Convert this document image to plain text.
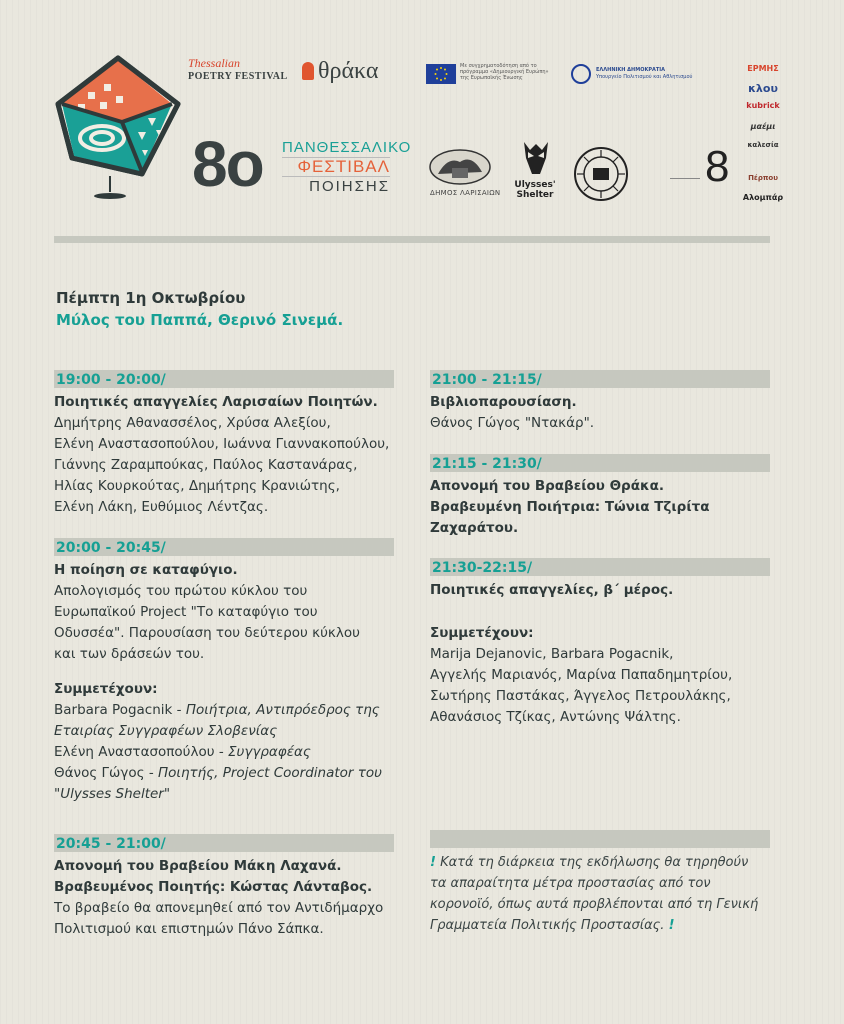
8o ΠΑΝΘΕΣΣΑΛΙΚΟ
ΦΕΣΤΙΒΑΛ
ΠΟΙΗΣΗΣ
Thessalian
POETRY FESTIVAL	θράκα	Με συγχρηματοδότηση από το πρόγραμμα «Δημιουργική Ευρώπη» της Ευρωπαϊκής Ένωσης
ΕΛΛΗΝΙΚΗ ΔΗΜΟΚΡΑΤΙΑ
Υπουργείο Πολιτισμού και Αθλητισμού
ΔΗΜΟΣ ΛΑΡΙΣΑΙΩΝ
Ulysses' Shelter
8
ΕΡΜΗΣ
κλου
kubrick
μαέμι
καλεσία
Πέρπου
Αλομπάρ
Πέμπτη 1η Οκτωβρίου
Μύλος του Παππά, Θερινό Σινεμά.
19:00 - 20:00/
Ποιητικές απαγγελίες Λαρισαίων Ποιητών.
Δημήτρης Αθανασσέλος, Χρύσα Αλεξίου,
Ελένη Αναστασοπούλου, Ιωάννα Γιαννακοπούλου,
Γιάννης Ζαραμπούκας, Παύλος Καστανάρας,
Ηλίας Κουρκούτας, Δημήτρης Κρανιώτης,
Ελένη Λάκη, Ευθύμιος Λέντζας.
20:00 - 20:45/
Η ποίηση σε καταφύγιο.
Απολογισμός του πρώτου κύκλου του
Ευρωπαϊκού Project "Το καταφύγιο του
Οδυσσέα". Παρουσίαση του δεύτερου κύκλου
και των δράσεών του.
Συμμετέχουν:
Barbara Pogacnik - Ποιήτρια, Αντιπρόεδρος της
Εταιρίας Συγγραφέων Σλοβενίας
Ελένη Αναστασοπούλου - Συγγραφέας
Θάνος Γώγος - Ποιητής, Project Coordinator του
"Ulysses Shelter"
20:45 - 21:00/
Απονομή του Βραβείου Μάκη Λαχανά.
Βραβευμένος Ποιητής: Κώστας Λάνταβος.
Το βραβείο θα απονεμηθεί από τον Αντιδήμαρχο
Πολιτισμού και επιστημών Πάνο Σάπκα.
21:00 - 21:15/
Βιβλιοπαρουσίαση.
Θάνος Γώγος "Ντακάρ".
21:15 - 21:30/
Απονομή του Βραβείου Θράκα.
Βραβευμένη Ποιήτρια: Τώνια Τζιρίτα
Ζαχαράτου.
21:30-22:15/
Ποιητικές απαγγελίες, β΄ μέρος.
Συμμετέχουν:
Marija Dejanovic, Barbara Pogacnik,
Αγγελής Μαριανός, Μαρίνα Παπαδημητρίου,
Σωτήρης Παστάκας, Άγγελος Πετρουλάκης,
Αθανάσιος Τζίκας, Αντώνης Ψάλτης.
! Κατά τη διάρκεια της εκδήλωσης θα τηρηθούν
τα απαραίτητα μέτρα προστασίας από τον
κορονοϊό, όπως αυτά προβλέπονται από τη Γενική
Γραμματεία Πολιτικής Προστασίας. !
